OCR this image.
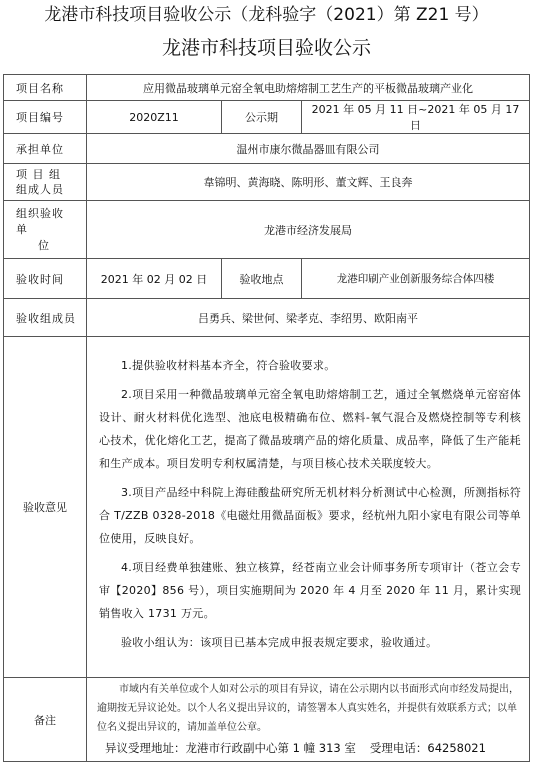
龙港市科技项目验收公示（龙科验字（2021）第 Z21 号）
龙港市科技项目验收公示
项目名称	应用微晶玻璃单元窑全氧电助熔熔制工艺生产的平板微晶玻璃产业化		
项目编号	2020Z11	公示期	2021 年 05 月 11 日~2021 年 05 月 17 日
承担单位	温州市康尔微晶器皿有限公司		

项 目 组
组成人员	韋锦明、黄海晓、陈明形、董文辉、王良奔		

组织验收
单
位	龙港市经济发展局		
验收时间	2021 年 02 月 02 日	验收地点	龙港印刷产业创新服务综合体四楼
验收组成员	吕勇兵、梁世何、梁孝克、李绍男、欧阳南平		
验收意见	1.提供验收材料基本齐全，符合验收要求。

2.项目采用一种微晶玻璃单元窑全氧电助熔熔制工艺，通过全氧燃烧单元窑窑体设计、耐火材料优化选型、池底电极精确布位、燃料-氧气混合及燃烧控制等专利核心技术，优化熔化工艺，提高了微晶玻璃产品的熔化质量、成品率，降低了生产能耗和生产成本。项目发明专利权属清楚，与项目核心技术关联度较大。

3.项目产品经中科院上海硅酸盐研究所无机材料分析测试中心检测，所测指标符合 T/ZZB 0328-2018《电磁灶用微晶面板》要求，经杭州九阳小家电有限公司等单位使用，反映良好。

4.项目经费单独建账、独立核算，经苍南立业会计师事务所专项审计（苍立会专审【2020】856 号），项目实施期间为 2020 年 4 月至 2020 年 11 月，累计实现销售收入 1731 万元。

验收小组认为：该项目已基本完成申报表规定要求，验收通过。		

备注	市域内有关单位或个人如对公示的项目有异议，请在公示期内以书面形式向市经发局提出，逾期按无异议论处。以个人名义提出异议的，请签署本人真实姓名，并提供有效联系方式；以单位名义提出异议的，请加盖单位公章。

异议受理地址：龙港市行政副中心第 1 幢 313 室 受理电话：64258021		
